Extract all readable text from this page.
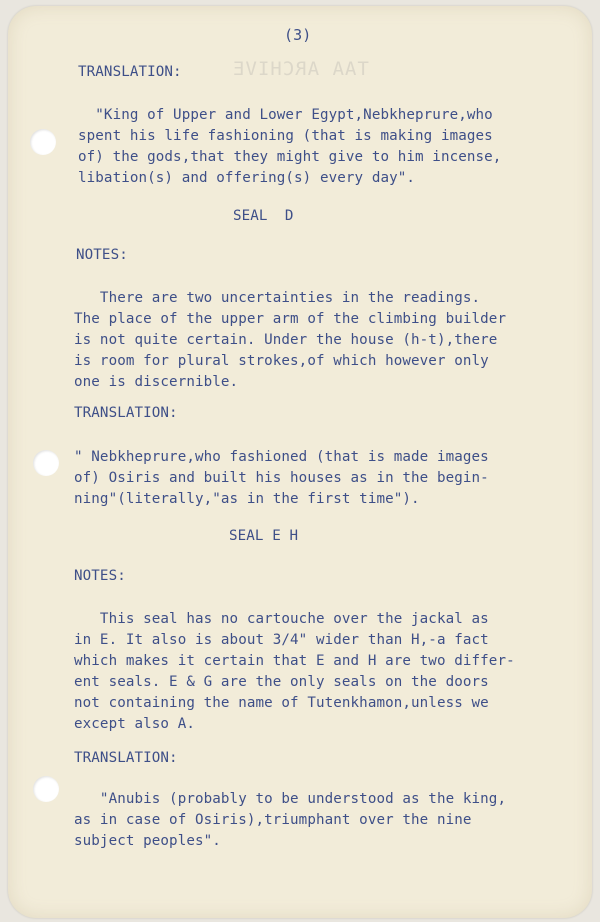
TAA ARCHIVE
(3)
TRANSLATION:
"King of Upper and Lower Egypt,Nebkheprure,who
spent his life fashioning (that is making images
of) the gods,that they might give to him incense,
libation(s) and offering(s) every day".
SEAL  D
NOTES:
There are two uncertainties in the readings.
The place of the upper arm of the climbing builder
is not quite certain. Under the house (h-t),there
is room for plural strokes,of which however only
one is discernible.
TRANSLATION:
" Nebkheprure,who fashioned (that is made images
of) Osiris and built his houses as in the begin-
ning"(literally,"as in the first time").
SEAL E H
NOTES:
This seal has no cartouche over the jackal as
in E. It also is about 3/4" wider than H,-a fact
which makes it certain that E and H are two differ-
ent seals. E & G are the only seals on the doors
not containing the name of Tutenkhamon,unless we
except also A.
TRANSLATION:
"Anubis (probably to be understood as the king,
as in case of Osiris),triumphant over the nine
subject peoples".
